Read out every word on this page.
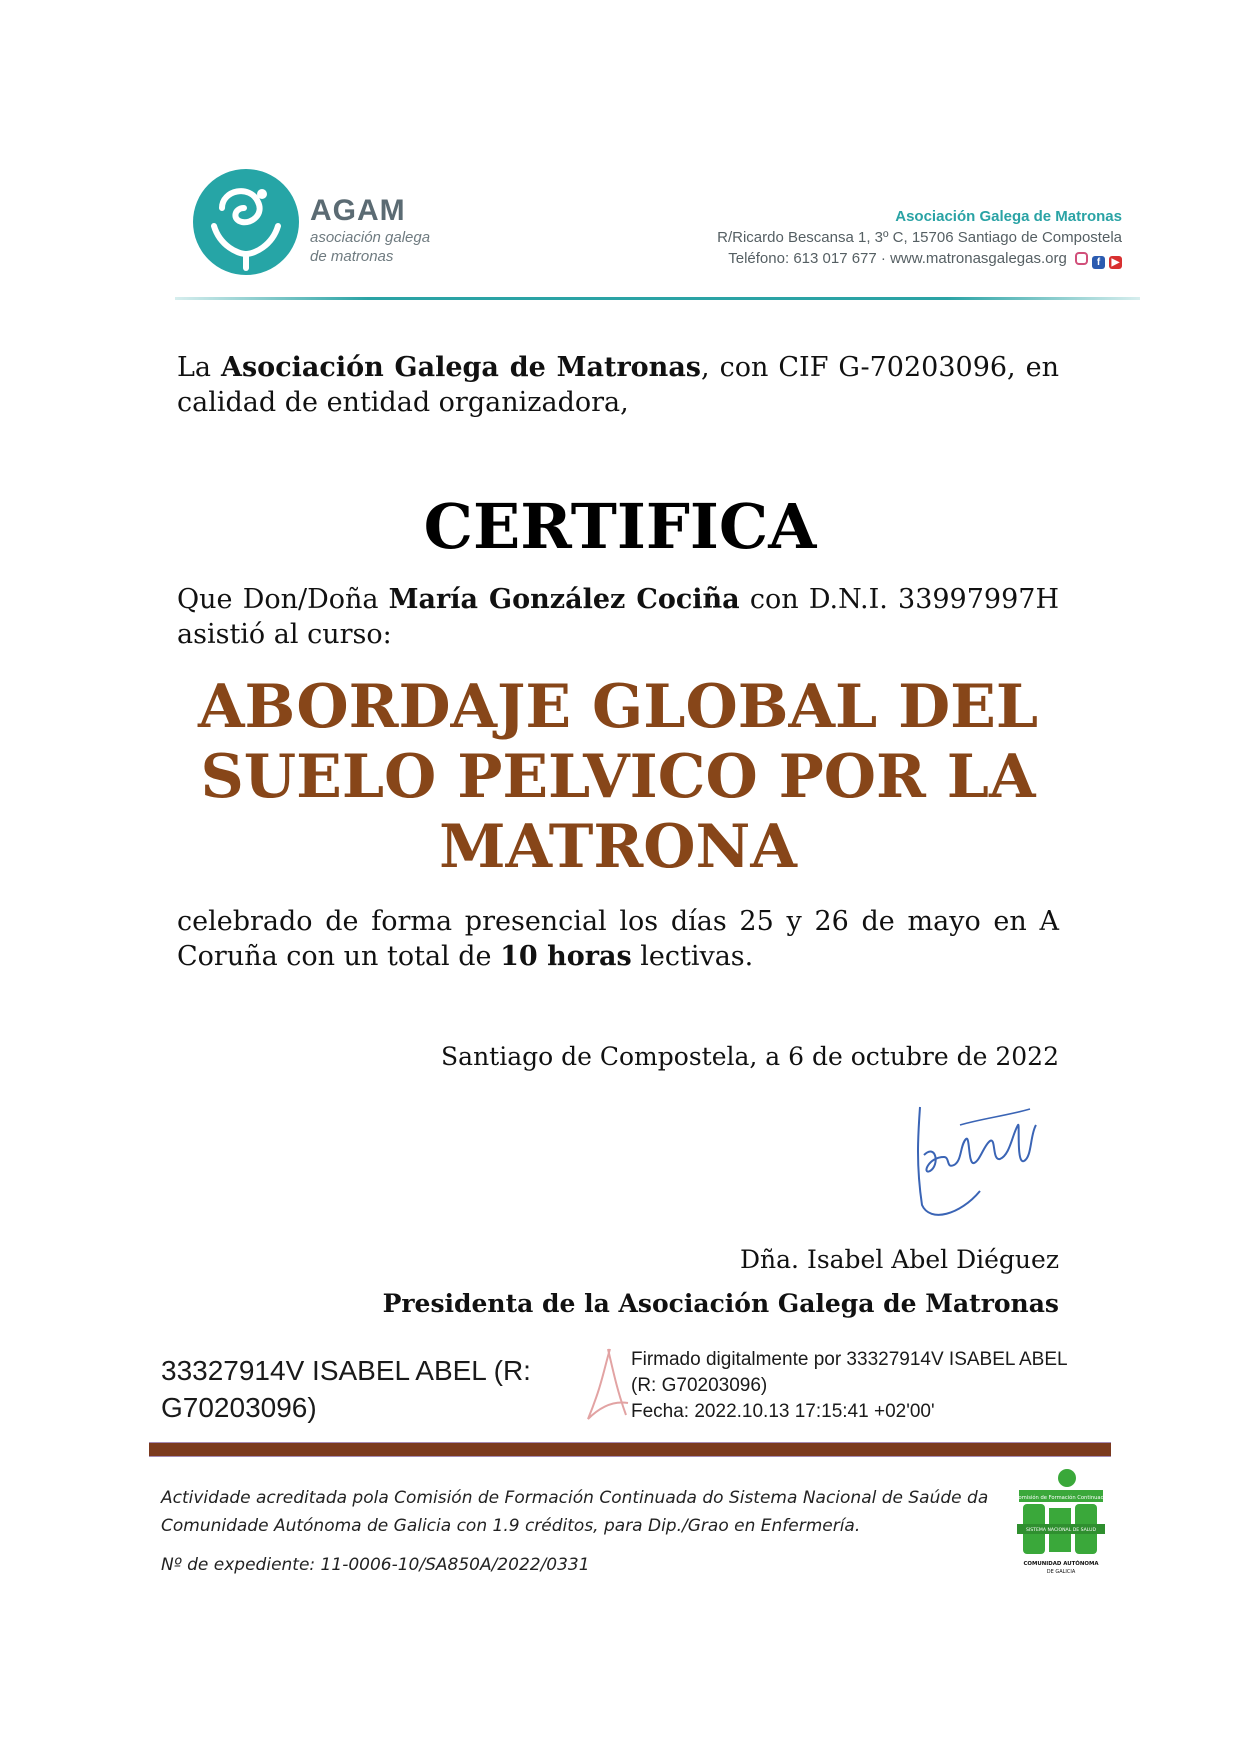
AGAM
asociación galega
de matronas
Asociación Galega de Matronas
R/Ricardo Bescansa 1, 3º C, 15706 Santiago de Compostela
Teléfono: 613 017 677 · www.matronasgalegas.org	f ▶
La Asociación Galega de Matronas, con CIF G-70203096, en calidad de entidad organizadora,
CERTIFICA
Que Don/Doña María González Cociña con D.N.I. 33997997H asistió al curso:
ABORDAJE GLOBAL DEL
SUELO PELVICO POR LA
MATRONA
celebrado de forma presencial los días 25 y 26 de mayo en A Coruña con un total de 10 horas lectivas.
Santiago de Compostela, a 6 de octubre de 2022
Dña. Isabel Abel Diéguez
Presidenta de la Asociación Galega de Matronas
33327914V ISABEL ABEL (R:
G70203096)
Firmado digitalmente por 33327914V ISABEL ABEL
(R: G70203096)
Fecha: 2022.10.13 17:15:41 +02'00'
Actividade acreditada pola Comisión de Formación Continuada do Sistema Nacional de Saúde da
Comunidade Autónoma de Galicia con 1.9 créditos, para Dip./Grao en Enfermería.
Nº de expediente: 11-0006-10/SA850A/2022/0331
Comisión de Formación Continuada
SISTEMA NACIONAL DE SALUD
COMUNIDAD AUTÓNOMA
DE GALICIA
